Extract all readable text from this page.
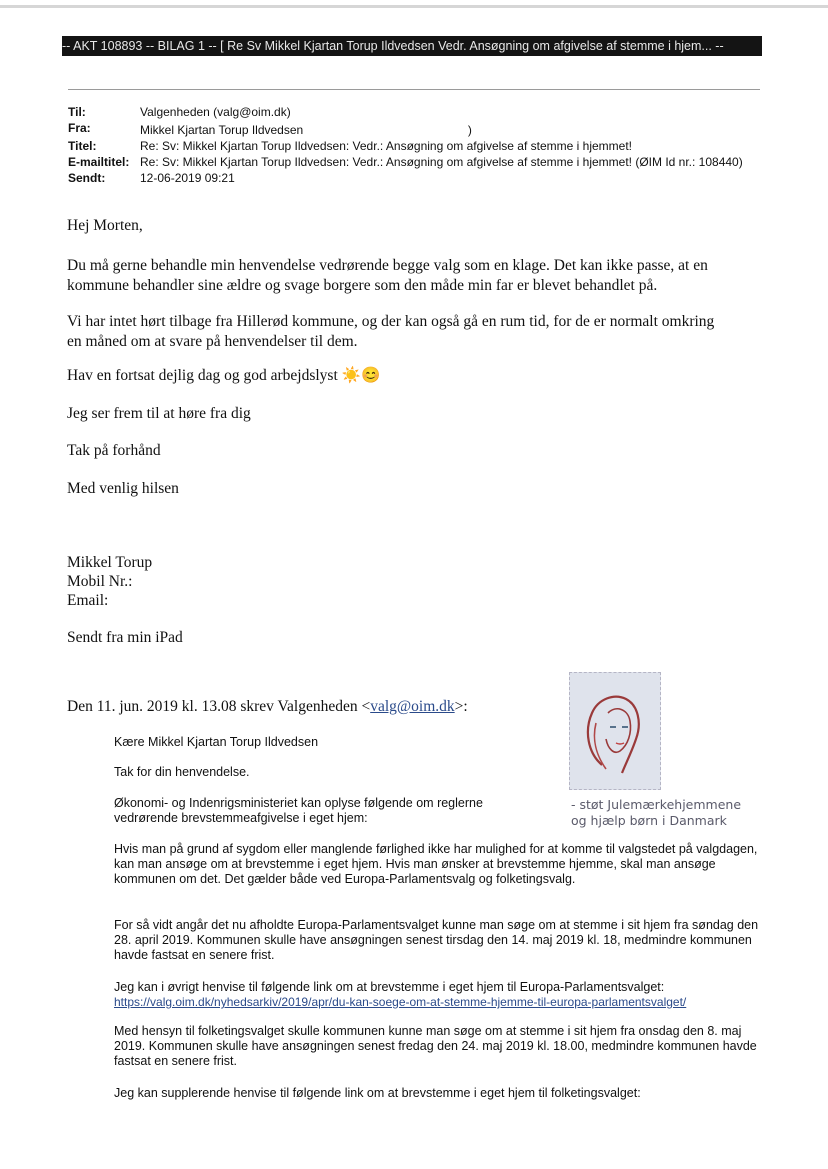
-- AKT 108893 -- BILAG 1 -- [ Re Sv Mikkel Kjartan Torup Ildvedsen Vedr. Ansøgning om afgivelse af stemme i hjem... --
Til:	Valgenheden (valg@oim.dk)
Fra:	Mikkel Kjartan Torup Ildvedsen	)
Titel:	Re: Sv: Mikkel Kjartan Torup Ildvedsen: Vedr.: Ansøgning om afgivelse af stemme i hjemmet!
E-mailtitel: Re: Sv: Mikkel Kjartan Torup Ildvedsen: Vedr.: Ansøgning om afgivelse af stemme i hjemmet! (ØIM Id nr.: 108440)
Sendt:	12-06-2019 09:21
Hej Morten,
Du må gerne behandle min henvendelse vedrørende begge valg som en klage. Det kan ikke passe, at en kommune behandler sine ældre og svage borgere som den måde min far er blevet behandlet på.
Vi har intet hørt tilbage fra Hillerød kommune, og der kan også gå en rum tid, for de er normalt omkring en måned om at svare på henvendelser til dem.
Hav en fortsat dejlig dag og god arbejdslyst ☀️😊
Jeg ser frem til at høre fra dig
Tak på forhånd
Med venlig hilsen
Mikkel Torup
Mobil Nr.:
Email:
Sendt fra min iPad
Den 11. jun. 2019 kl. 13.08 skrev Valgenheden <valg@oim.dk>:
- støt Julemærkehjemmene
og hjælp børn i Danmark
Kære Mikkel Kjartan Torup Ildvedsen
Tak for din henvendelse.
Økonomi- og Indenrigsministeriet kan oplyse følgende om reglerne vedrørende brevstemmeafgivelse i eget hjem:
Hvis man på grund af sygdom eller manglende førlighed ikke har mulighed for at komme til valgstedet på valgdagen, kan man ansøge om at brevstemme i eget hjem. Hvis man ønsker at brevstemme hjemme, skal man ansøge kommunen om det. Det gælder både ved Europa-Parlamentsvalg og folketingsvalg.
For så vidt angår det nu afholdte Europa-Parlamentsvalget kunne man søge om at stemme i sit hjem fra søndag den 28. april 2019. Kommunen skulle have ansøgningen senest tirsdag den 14. maj 2019 kl. 18, medmindre kommunen havde fastsat en senere frist.
Jeg kan i øvrigt henvise til følgende link om at brevstemme i eget hjem til Europa-Parlamentsvalget:
https://valg.oim.dk/nyhedsarkiv/2019/apr/du-kan-soege-om-at-stemme-hjemme-til-europa-parlamentsvalget/
Med hensyn til folketingsvalget skulle kommunen kunne man søge om at stemme i sit hjem fra onsdag den 8. maj 2019. Kommunen skulle have ansøgningen senest fredag den 24. maj 2019 kl. 18.00, medmindre kommunen havde fastsat en senere frist.
Jeg kan supplerende henvise til følgende link om at brevstemme i eget hjem til folketingsvalget:
